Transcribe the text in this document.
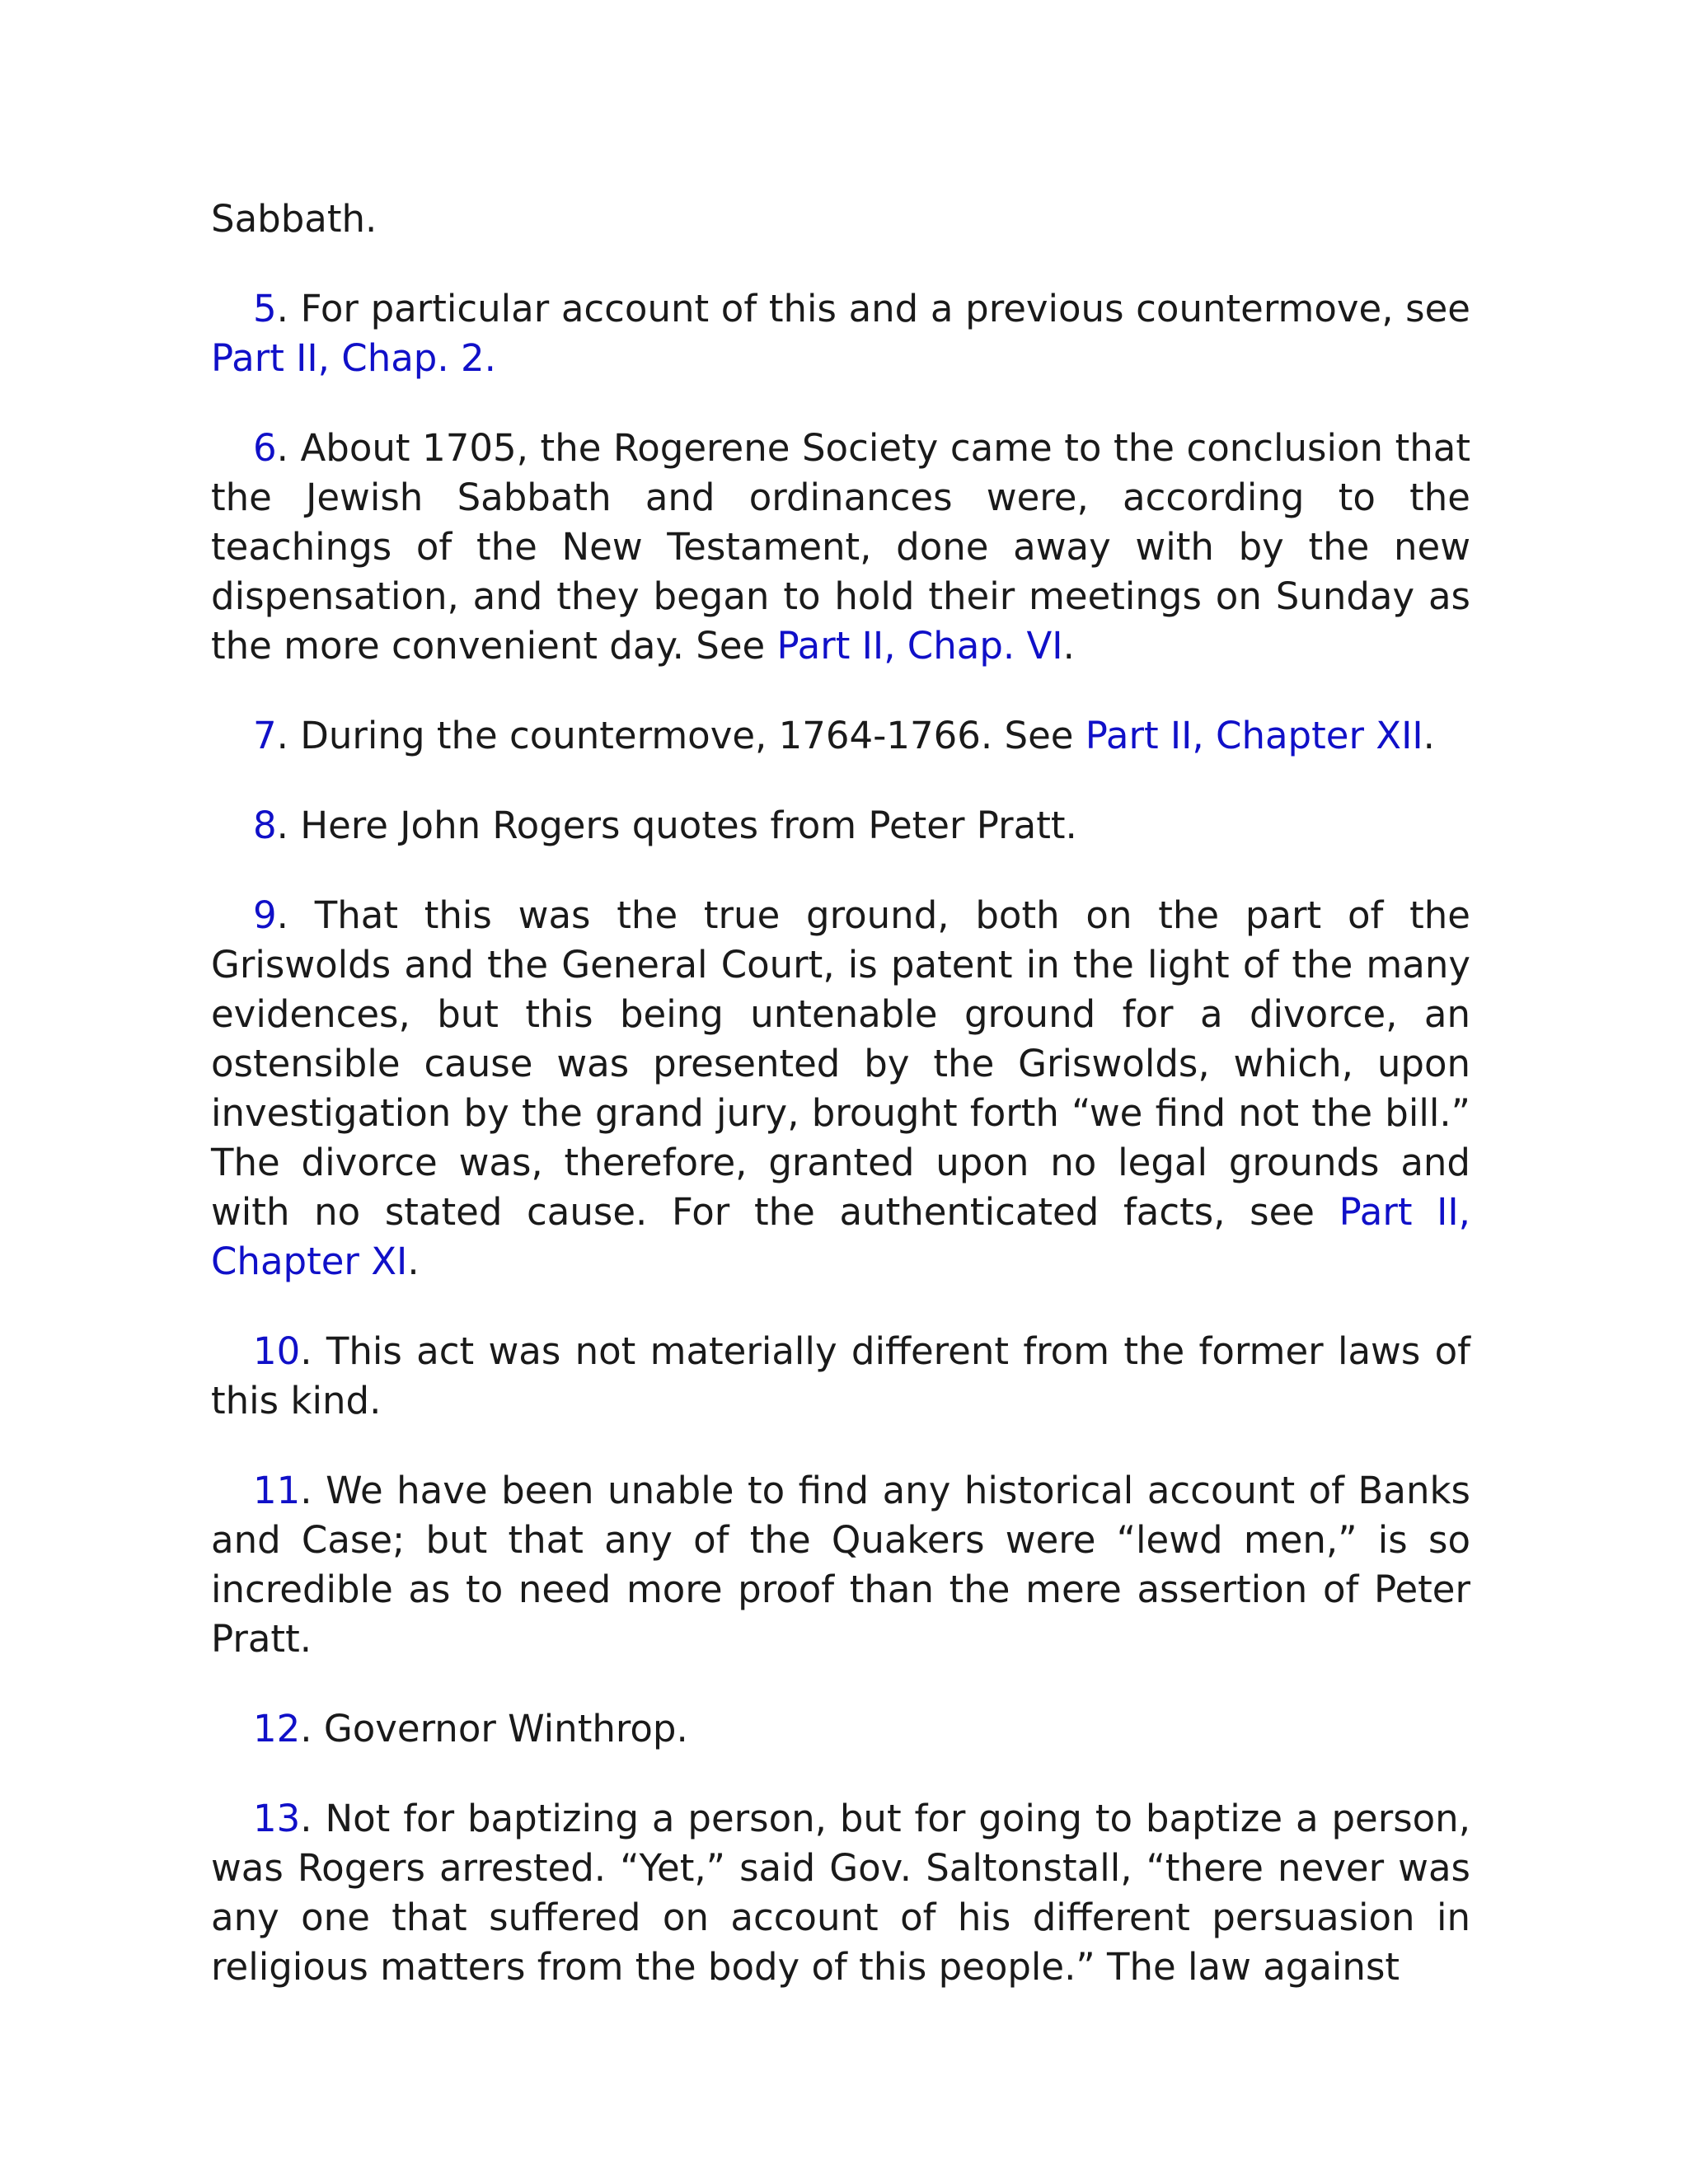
Sabbath.

5. For particular account of this and a previous countermove, see Part II, Chap. 2.

6. About 1705, the Rogerene Society came to the conclusion that the Jewish Sabbath and ordinances were, according to the teachings of the New Testament, done away with by the new dispensation, and they began to hold their meetings on Sunday as the more convenient day. See Part II, Chap. VI.

7. During the countermove, 1764-1766. See Part II, Chapter XII.

8. Here John Rogers quotes from Peter Pratt.

9. That this was the true ground, both on the part of the Griswolds and the General Court, is patent in the light of the many evidences, but this being untenable ground for a divorce, an ostensible cause was presented by the Griswolds, which, upon investigation by the grand jury, brought forth “we find not the bill.” The divorce was, therefore, granted upon no legal grounds and with no stated cause. For the authenticated facts, see Part II, Chapter XI.

10. This act was not materially different from the former laws of this kind.

11. We have been unable to find any historical account of Banks and Case; but that any of the Quakers were “lewd men,” is so incredible as to need more proof than the mere assertion of Peter Pratt.

12. Governor Winthrop.

13. Not for baptizing a person, but for going to baptize a person, was Rogers arrested. “Yet,” said Gov. Saltonstall, “there never was any one that suffered on account of his different persuasion in religious matters from the body of this people.” The law against
